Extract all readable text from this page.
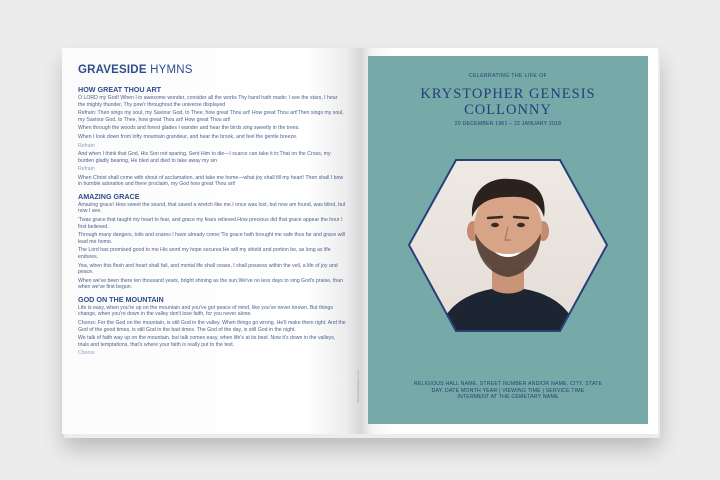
GRAVESIDE HYMNS
HOW GREAT THOU ART
O LORD my God! When I in awesome wonder, consider all the works Thy hand hath made; I see the stars, I hear the mighty thunder, Thy pow'r throughout the universe displayed
Refrain: Then sings my soul, my Saviour God, to Thee, how great Thou art! How great Thou art!Then sings my soul, my Saviour God, to Thee, how great Thou art! How great Thou art!
When through the woods and forest glades I wander and hear the birds sing sweetly in the trees.
When I look down from lofty mountain grandeur, and hear the brook, and feel the gentle breeze.
Refrain
And when I think that God, His Son not sparing, Sent Him to die—I scarce can take it in;That on the Cross, my burden gladly bearing, He bled and died to take away my sin
Refrain
When Christ shall come with shout of acclamation, and take me home—what joy shall fill my heart! Then shall I bow in humble adoration and there proclaim, my God how great Thou art!
AMAZING GRACE
Amazing grace! How sweet the sound, that saved a wretch like me.I once was lost, but now am found, was blind, but now I see.
'Twas grace that taught my heart to fear, and grace my fears relieved.How precious did that grace appear the hour I first believed.
Through many dangers, toils and snares I have already come;'Tis grace hath brought me safe thus far and grace will lead me home.
The Lord has promised good to me His word my hope secures;He will my shield and portion be, as long as life endures.
Yea, when this flesh and heart shall fail, and mortal life shall cease, I shall possess within the veil, a life of joy and peace.
When we've been there ten thousand years, bright shining as the sun,We've no less days to sing God's praise, than when we've first begun.
GOD ON THE MOUNTAIN
Life is easy, when you're up on the mountain and you've got peace of mind, like you've never known. But things change, when you're down in the valley don't lose faith, for you never alone.
Chorus: For the God on the mountain, is still God in the valley. When things go wrong. He'll make them right. And the God of the good times, is still God in the bad times. The God of the day, is still God in the night.
We talk of faith way up on the mountain, but talk comes easy, when life's at its best. Now it's down in the valleys, trials and temptations, that's where your faith is really put to the test.
Chorus
www.templatesguru.com
CELEBRATING THE LIFE OF
KRYSTOPHER GENESIS
COLLONNY
20 DECEMBER 1961 – 22 JANUARY 2018
RELIGIOUS HALL NAME, STREET NUMBER AND/OR NAME, CITY, STATE
DAY, DATE MONTH YEAR | VIEWING TIME | SERVICE TIME
INTERMENT AT THE CEMETARY NAME
